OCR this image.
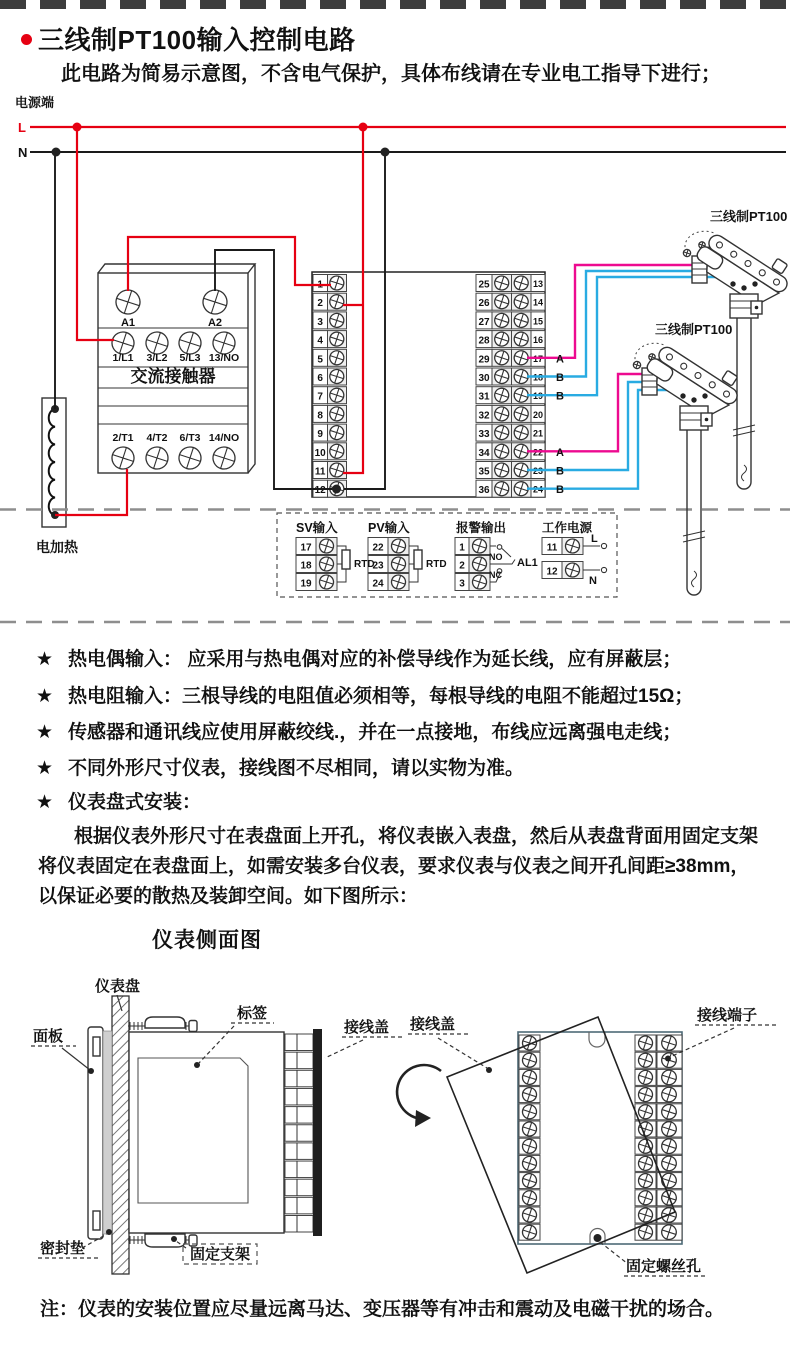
三线制PT100输入控制电路
此电路为简易示意图，不含电气保护，具体布线请在专业电工指导下进行；
电源端
L
N
交流接触器
A1	A2
1/L1 3/L2 5/L3 13/NO
2/T1 4/T2 6/T3 14/NO
电加热
1
2
3
4
5
6
7
8
9
10
11
12
25	13
26	14
27	15
28	16
29	17
30	18
31	19
32	20
33	21
34	22
35	23
36	24
SV输入 PV输入	报警输出	工作电源
17
18
19
22
23
24
1
2
3
11
12
RTD	RTD
NO
NC
AL1
L
N
三线制PT100
三线制PT100
A
B
B
A
B
B
★ 热电偶输入： 应采用与热电偶对应的补偿导线作为延长线，应有屏蔽层；
★ 热电阻输入：三根导线的电阻值必须相等，每根导线的电阻不能超过15Ω；
★ 传感器和通讯线应使用屏蔽绞线.，并在一点接地，布线应远离强电走线；
★ 不同外形尺寸仪表，接线图不尽相同，请以实物为准。
★ 仪表盘式安装：
根据仪表外形尺寸在表盘面上开孔，将仪表嵌入表盘，然后从表盘背面用固定支架
将仪表固定在表盘面上，如需安装多台仪表，要求仪表与仪表之间开孔间距≥38mm，
以保证必要的散热及装卸空间。如下图所示：
仪表侧面图
仪表盘
标签
面板
密封垫	固定支架
接线盖 接线盖
接线端子
固定螺丝孔
注：仪表的安装位置应尽量远离马达、变压器等有冲击和震动及电磁干扰的场合。
